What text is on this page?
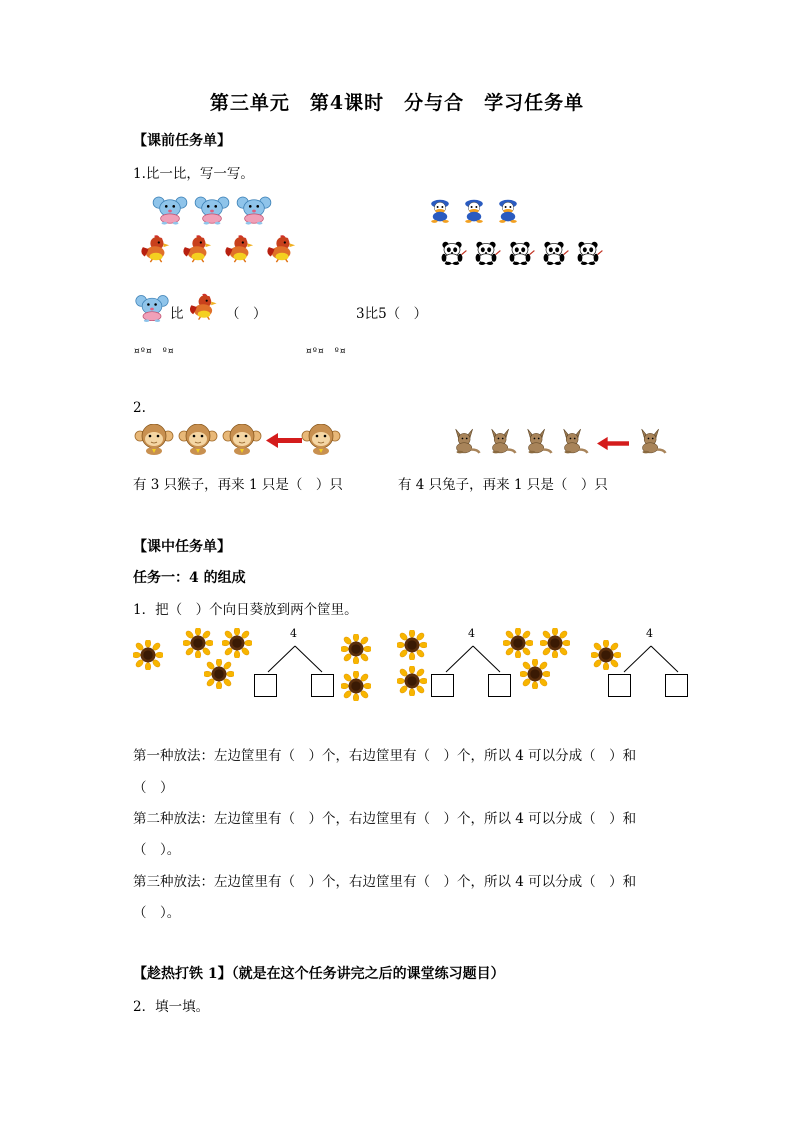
第三单元　第4课时　分与合　学习任务单
【课前任务单】
1.比一比，写一写。
比	（　）	3比5（　）
¤º¤　º¤	¤º¤　º¤
2.
有 3 只猴子，再来 1 只是（　）只	有 4 只兔子，再来 1 只是（　）只
【课中任务单】
任务一：4 的组成
1．把（　）个向日葵放到两个筐里。
4	4	4
第一种放法：左边筐里有（　）个，右边筐里有（　）个，所以 4 可以分成（　）和
（　）
第二种放法：左边筐里有（　）个，右边筐里有（　）个，所以 4 可以分成（　）和
（　）。
第三种放法：左边筐里有（　）个，右边筐里有（　）个，所以 4 可以分成（　）和
（　）。
【趁热打铁 1】（就是在这个任务讲完之后的课堂练习题目）
2．填一填。
